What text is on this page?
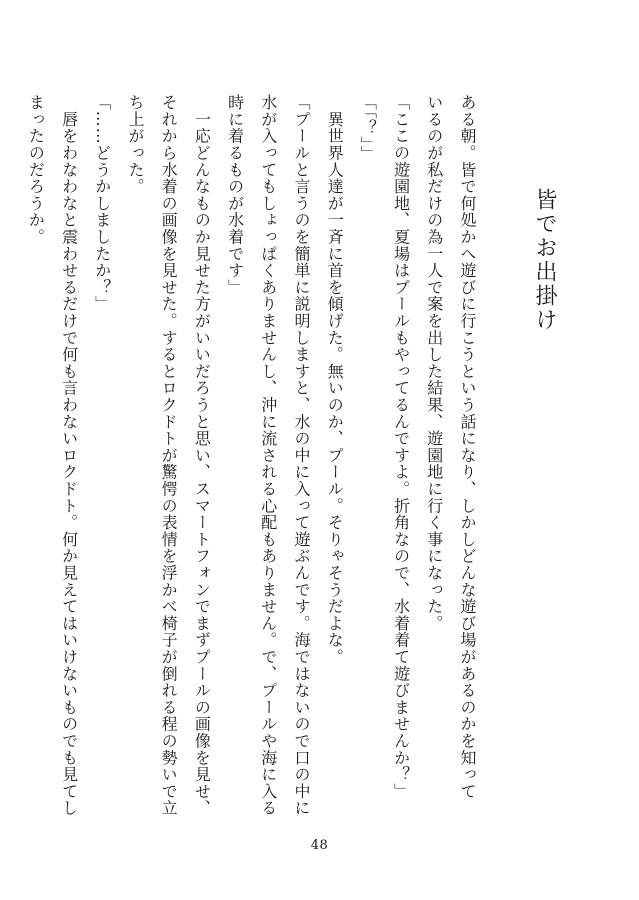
皆でお出掛け
ある朝。皆で何処かへ遊びに行こうという話になり、しかしどんな遊び場があるのかを知って
いるのが私だけの為一人で案を出した結果、遊園地に行く事になった。
「ここの遊園地、夏場はプールもやってるんですよ。折角なので、水着着て遊びませんか？」
「「？」」
　異世界人達が一斉に首を傾げた。無いのか、プール。そりゃそうだよな。
「プールと言うのを簡単に説明しますと、水の中に入って遊ぶんです。海ではないので口の中に
水が入ってもしょっぱくありませんし、沖に流される心配もありません。で、プールや海に入る
時に着るものが水着です」
　一応どんなものか見せた方がいいだろうと思い、スマートフォンでまずプールの画像を見せ、
それから水着の画像を見せた。するとロクドトが驚愕の表情を浮かべ椅子が倒れる程の勢いで立
ち上がった。
「……どうかしましたか？」
　唇をわなわなと震わせるだけで何も言わないロクドト。何か見えてはいけないものでも見てし
まったのだろうか。
48
